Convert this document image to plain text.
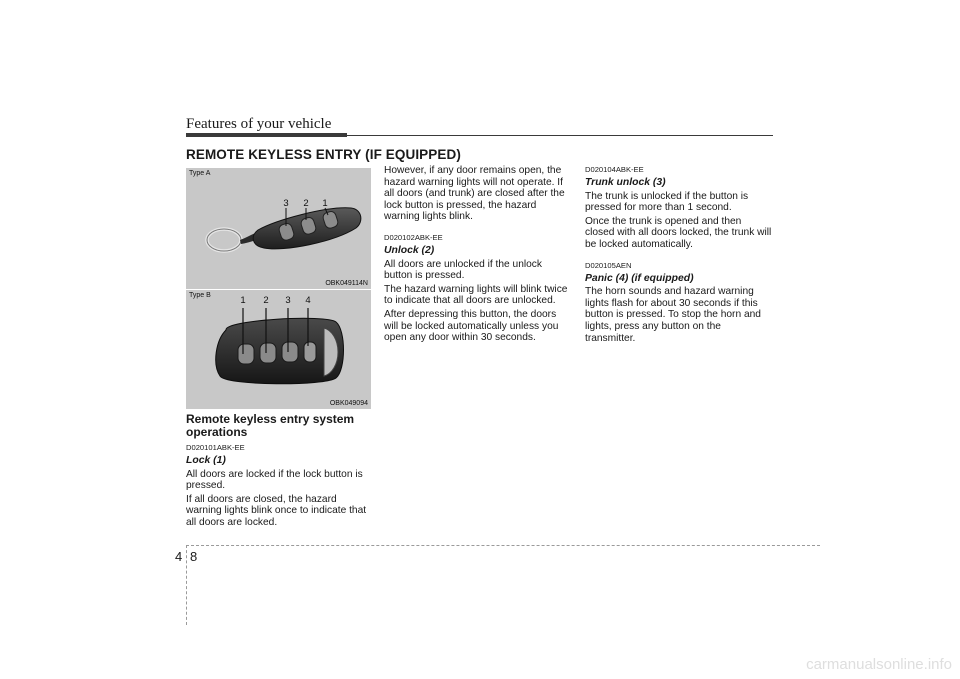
Features of your vehicle
REMOTE KEYLESS ENTRY (IF EQUIPPED)
Type A
3 2 1
OBK049114N
Type B	1 2 3 4
OBK049094

Remote keyless entry system operations

D020101ABK-EE

Lock (1)

All doors are locked if the lock button is pressed.

If all doors are closed, the hazard warning lights blink once to indicate that all doors are locked.

However, if any door remains open, the hazard warning lights will not operate. If all doors (and trunk) are closed after the lock button is pressed, the hazard warning lights blink.

D020102ABK-EE

Unlock (2)

All doors are unlocked if the unlock button is pressed.

The hazard warning lights will blink twice to indicate that all doors are unlocked.

After depressing this button, the doors will be locked automatically unless you open any door within 30 seconds.

D020104ABK-EE

Trunk unlock (3)

The trunk is unlocked if the button is pressed for more than 1 second.

Once the trunk is opened and then closed with all doors locked, the trunk will be locked automatically.

D020105AEN

Panic (4) (if equipped)

The horn sounds and hazard warning lights flash for about 30 seconds if this button is pressed. To stop the horn and lights, press any button on the transmitter.

4 8
carmanualsonline.info
